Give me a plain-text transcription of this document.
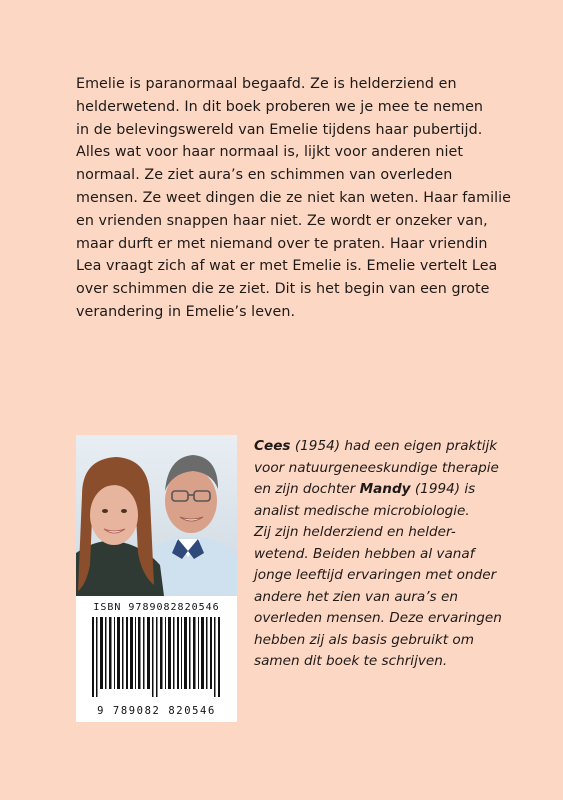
Emelie is paranormaal begaafd. Ze is helderziend en
helderwetend. In dit boek proberen we je mee te nemen
in de belevingswereld van Emelie tijdens haar pubertijd.
Alles wat voor haar normaal is, lijkt voor anderen niet
normaal. Ze ziet aura’s en schimmen van overleden
mensen. Ze weet dingen die ze niet kan weten. Haar familie
en vrienden snappen haar niet. Ze wordt er onzeker van,
maar durft er met niemand over te praten. Haar vriendin
Lea vraagt zich af wat er met Emelie is. Emelie vertelt Lea
over schimmen die ze ziet. Dit is het begin van een grote
verandering in Emelie’s leven.

ISBN 9789082820546
9 789082 820546

Cees (1954) had een eigen praktijk
voor natuurgeneeskundige therapie
en zijn dochter Mandy (1994) is
analist medische microbiologie.
Zij zijn helderziend en helder-
wetend. Beiden hebben al vanaf
jonge leeftijd ervaringen met onder
andere het zien van aura’s en
overleden mensen. Deze ervaringen
hebben zij als basis gebruikt om
samen dit boek te schrijven.
